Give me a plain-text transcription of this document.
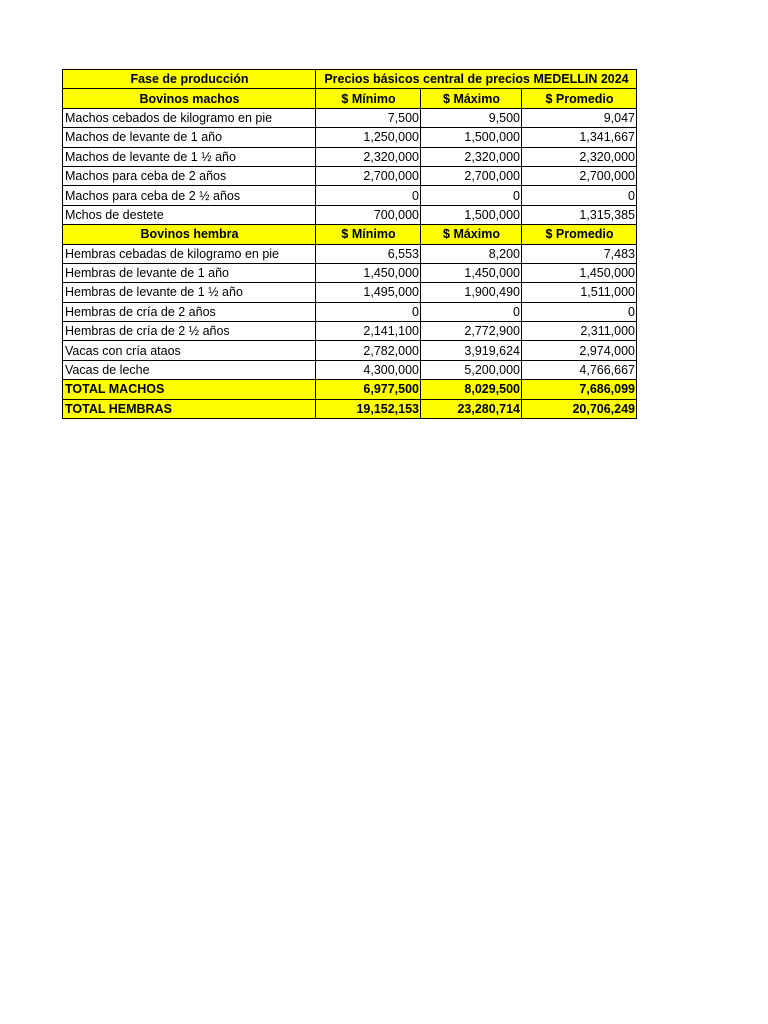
Fase de producción	Precios básicos central de precios MEDELLIN 2024		
Bovinos machos	$ Mínimo	$ Máximo	$ Promedio
Machos cebados de kilogramo en pie	7,500	9,500	9,047
Machos de levante de 1 año	1,250,000	1,500,000	1,341,667
Machos de levante de 1 ½ año	2,320,000	2,320,000	2,320,000
Machos para ceba de 2 años	2,700,000	2,700,000	2,700,000
Machos para ceba de 2 ½ años	0	0	0
Mchos de destete	700,000	1,500,000	1,315,385
Bovinos hembra	$ Mínimo	$ Máximo	$ Promedio
Hembras cebadas de kilogramo en pie	6,553	8,200	7,483
Hembras de levante de 1 año	1,450,000	1,450,000	1,450,000
Hembras de levante de 1 ½ año	1,495,000	1,900,490	1,511,000
Hembras de cría de 2 años	0	0	0
Hembras de cría de 2 ½ años	2,141,100	2,772,900	2,311,000
Vacas con cría ataos	2,782,000	3,919,624	2,974,000
Vacas de leche	4,300,000	5,200,000	4,766,667
TOTAL MACHOS	6,977,500	8,029,500	7,686,099
TOTAL HEMBRAS	19,152,153	23,280,714	20,706,249
